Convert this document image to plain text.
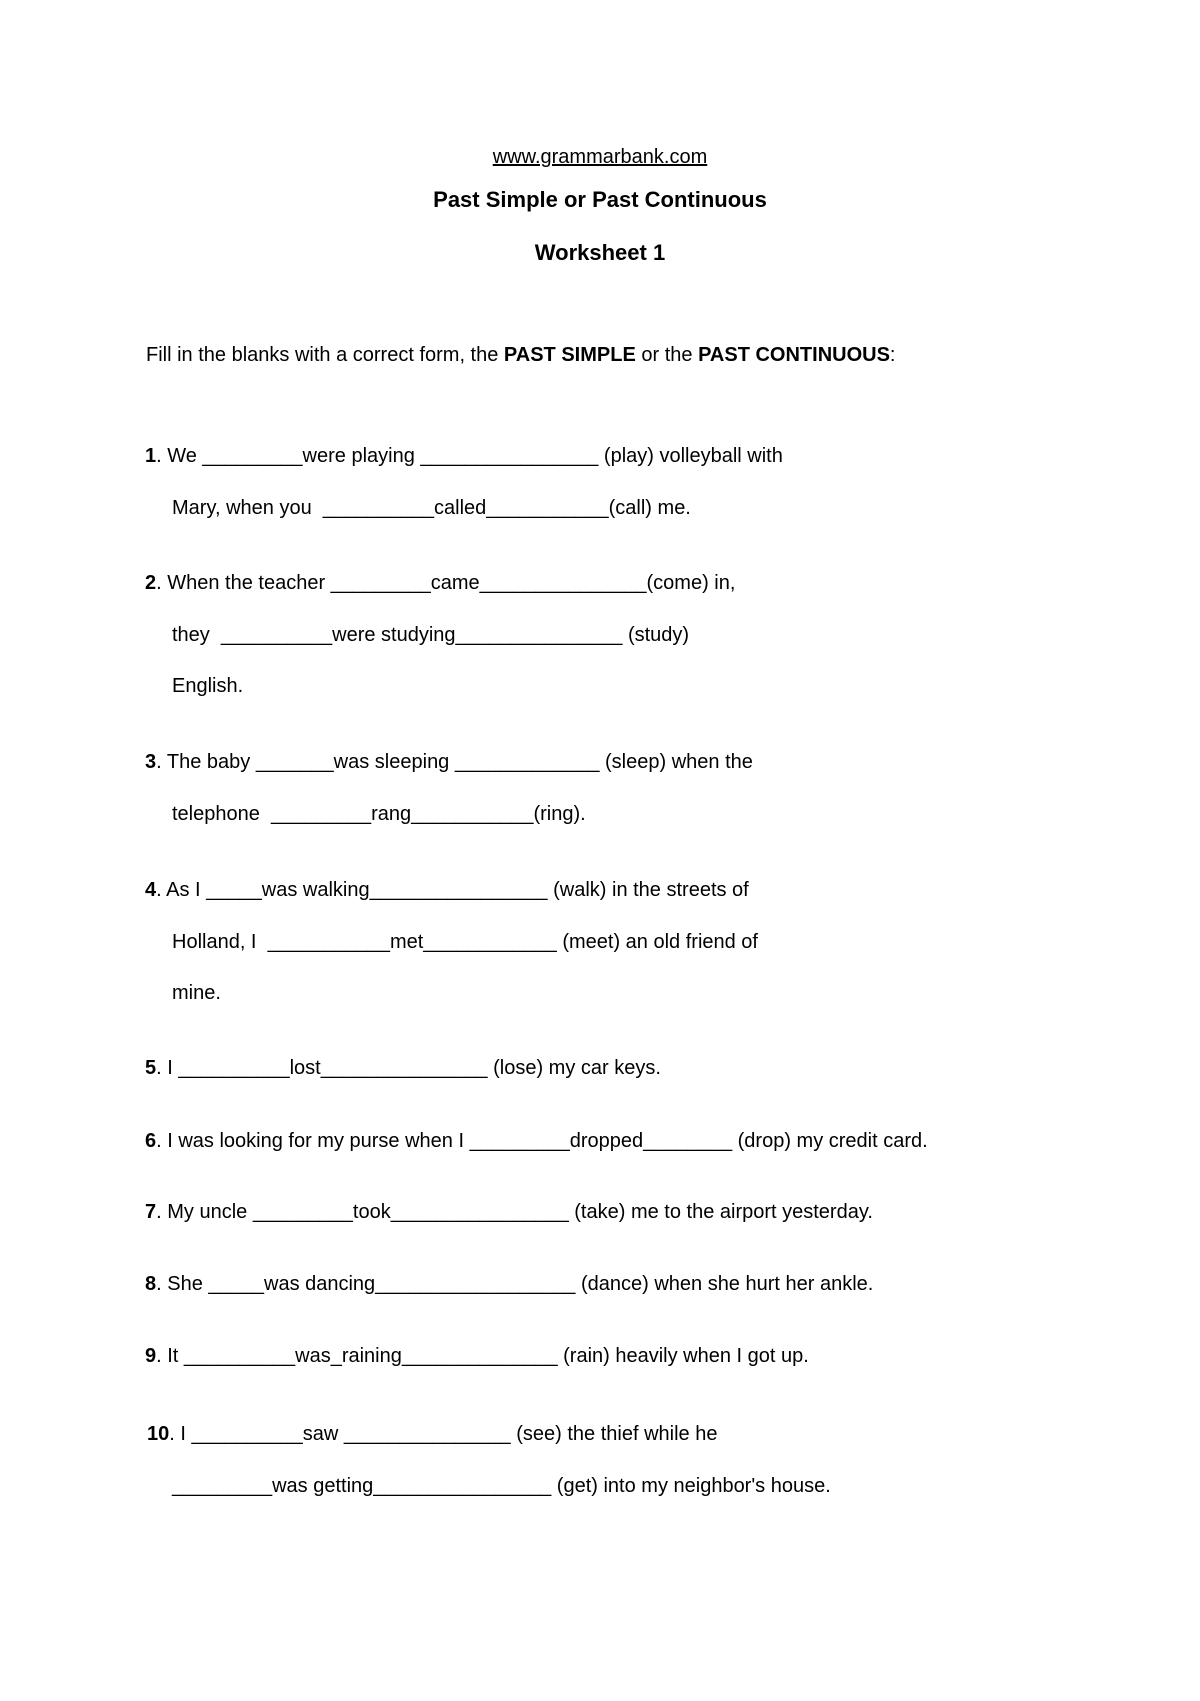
www.grammarbank.com
Past Simple or Past Continuous
Worksheet 1
Fill in the blanks with a correct form, the PAST SIMPLE or the PAST CONTINUOUS:
1. We _________were playing ________________ (play) volleyball with
Mary, when you  __________called___________(call) me.
2. When the teacher _________came_______________(come) in,
they  __________were studying_______________ (study)
English.
3. The baby _______was sleeping _____________ (sleep) when the
telephone  _________rang___________(ring).
4. As I _____was walking________________ (walk) in the streets of
Holland, I  ___________met____________ (meet) an old friend of
mine.
5. I __________lost_______________ (lose) my car keys.
6. I was looking for my purse when I _________dropped________ (drop) my credit card.
7. My uncle _________took________________ (take) me to the airport yesterday.
8. She _____was dancing__________________ (dance) when she hurt her ankle.
9. It __________was_raining______________ (rain) heavily when I got up.
10. I __________saw _______________ (see) the thief while he
_________was getting________________ (get) into my neighbor's house.
